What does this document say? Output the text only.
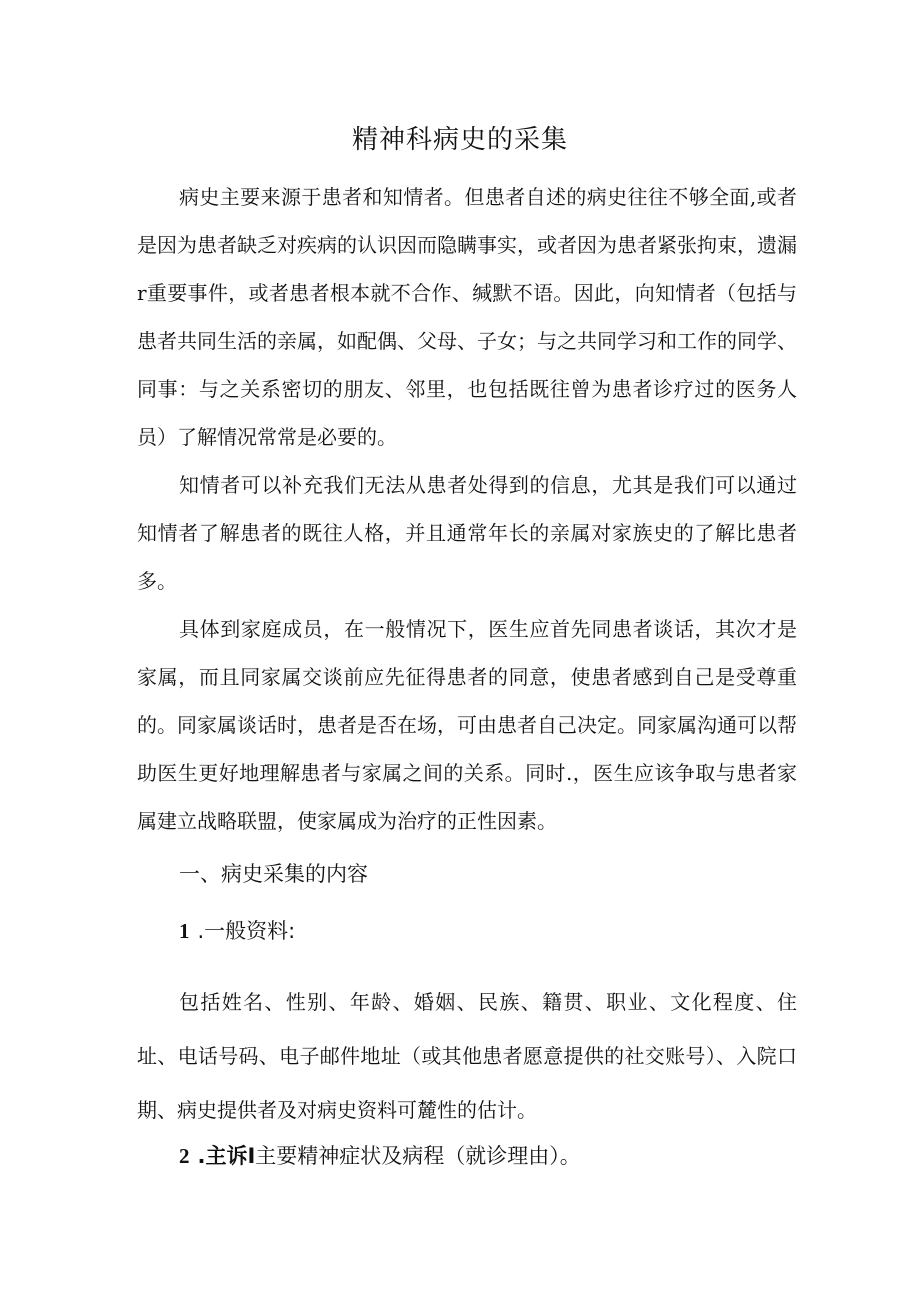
精神科病史的采集

病史主要来源于患者和知情者。但患者自述的病史往往不够全面,或者是因为患者缺乏对疾病的认识因而隐瞒事实，或者因为患者紧张拘束，遗漏r重要事件，或者患者根本就不合作、缄默不语。因此，向知情者（包括与患者共同生活的亲属，如配偶、父母、子女；与之共同学习和工作的同学、同事：与之关系密切的朋友、邻里，也包括既往曾为患者诊疗过的医务人员）了解情况常常是必要的。

知情者可以补充我们无法从患者处得到的信息，尤其是我们可以通过知情者了解患者的既往人格，并且通常年长的亲属对家族史的了解比患者多。

具体到家庭成员，在一般情况下，医生应首先同患者谈话，其次才是家属，而且同家属交谈前应先征得患者的同意，使患者感到自己是受尊重的。同家属谈话时，患者是否在场，可由患者自己决定。同家属沟通可以帮助医生更好地理解患者与家属之间的关系。同时.，医生应该争取与患者家属建立战略联盟，使家属成为治疗的正性因素。

一、病史采集的内容
1 .一般资料:

包括姓名、性别、年龄、婚姻、民族、籍贯、职业、文化程度、住址、电话号码、电子邮件地址（或其他患者愿意提供的社交账号）、入院口期、病史提供者及对病史资料可麓性的估计。

2 .主诉I主要精神症状及病程（就诊理由）。
